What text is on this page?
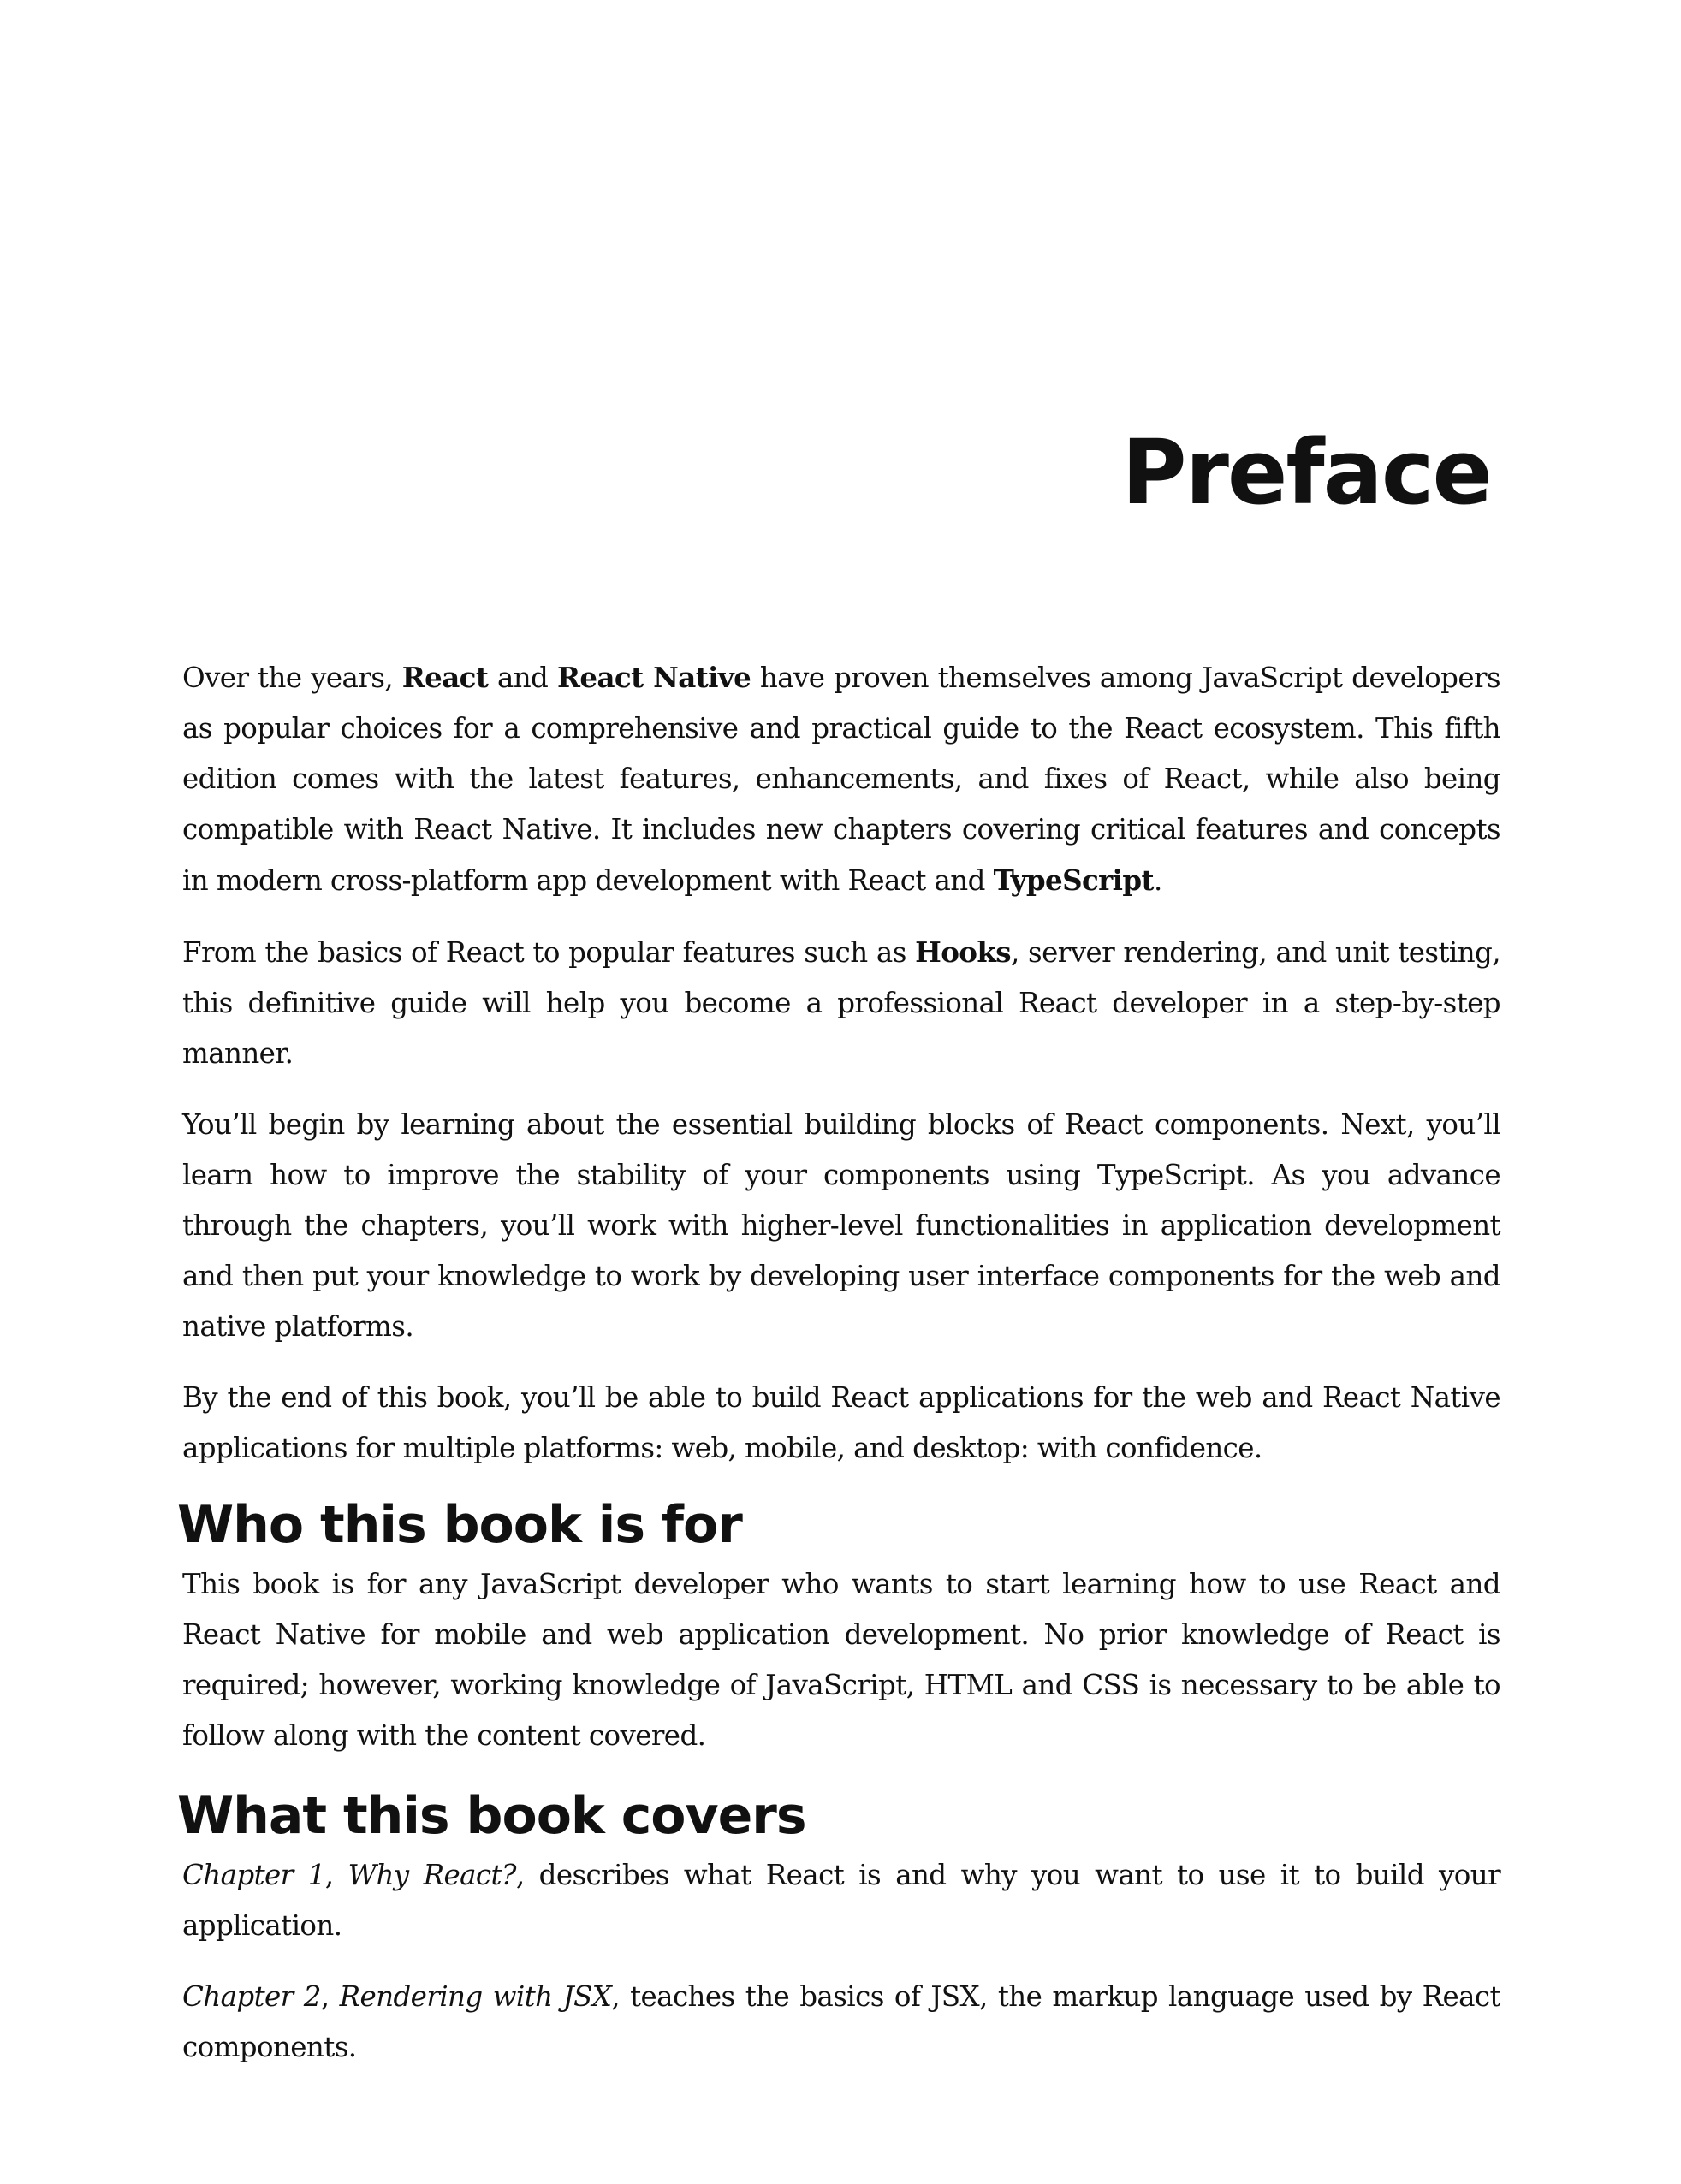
Preface

Over the years, React and React Native have proven themselves among JavaScript developers as popular choices for a comprehensive and practical guide to the React ecosystem. This fifth edition comes with the latest features, enhancements, and fixes of React, while also being compatible with React Native. It includes new chapters covering critical features and concepts in modern cross-platform app development with React and TypeScript.

From the basics of React to popular features such as Hooks, server rendering, and unit testing, this definitive guide will help you become a professional React developer in a step-by-step manner.

You’ll begin by learning about the essential building blocks of React components. Next, you’ll learn how to improve the stability of your components using TypeScript. As you advance through the chapters, you’ll work with higher-level functionalities in application development and then put your knowledge to work by developing user interface components for the web and native platforms.

By the end of this book, you’ll be able to build React applications for the web and React Native applications for multiple platforms: web, mobile, and desktop: with confidence.

Who this book is for

This book is for any JavaScript developer who wants to start learning how to use React and React Native for mobile and web application development. No prior knowledge of React is required; however, working knowledge of JavaScript, HTML and CSS is necessary to be able to follow along with the content covered.

What this book covers

Chapter 1, Why React?, describes what React is and why you want to use it to build your application.

Chapter 2, Rendering with JSX, teaches the basics of JSX, the markup language used by React components.
